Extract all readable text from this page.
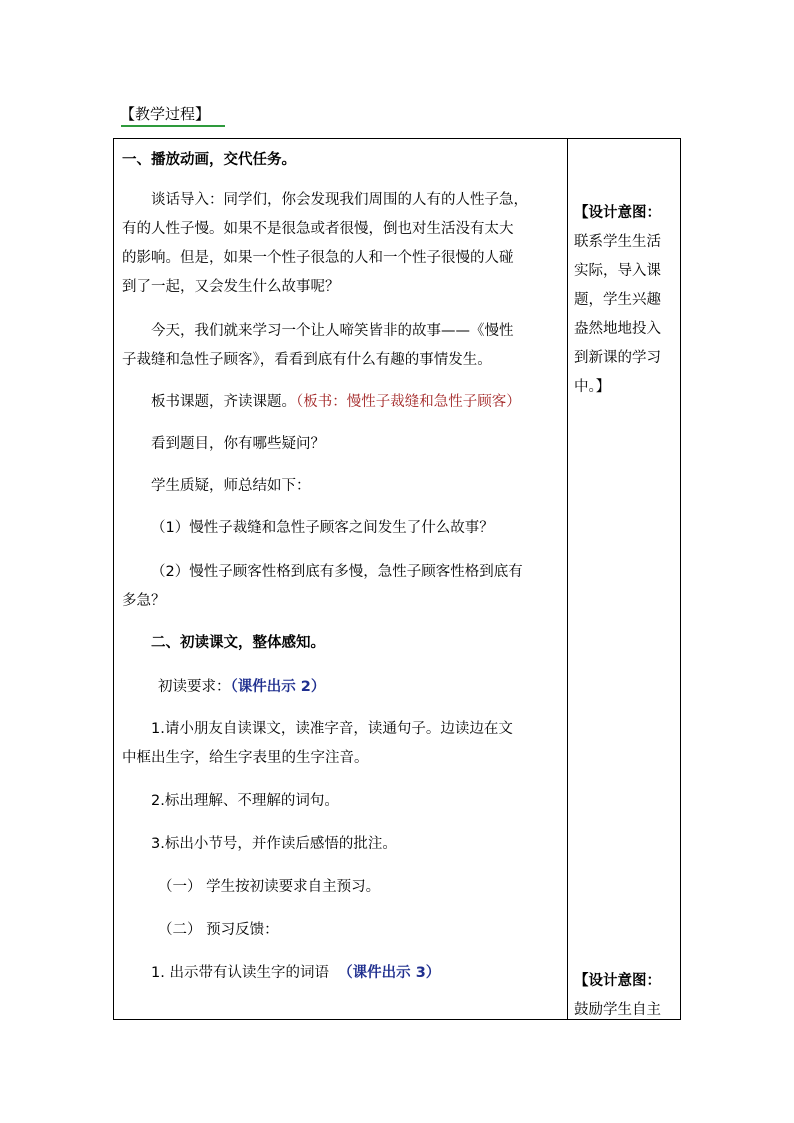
【教学过程】

一、播放动画，交代任务。

谈话导入：同学们，你会发现我们周围的人有的人性子急，

有的人性子慢。如果不是很急或者很慢，倒也对生活没有太大

的影响。但是，如果一个性子很急的人和一个性子很慢的人碰

到了一起，又会发生什么故事呢？

今天，我们就来学习一个让人啼笑皆非的故事——《慢性

子裁缝和急性子顾客》，看看到底有什么有趣的事情发生。

板书课题，齐读课题。（板书：慢性子裁缝和急性子顾客）

看到题目，你有哪些疑问？

学生质疑，师总结如下：

（1）慢性子裁缝和急性子顾客之间发生了什么故事？

（2）慢性子顾客性格到底有多慢，急性子顾客性格到底有

多急？

二、初读课文，整体感知。

初读要求：（课件出示 2）

1.请小朋友自读课文，读准字音，读通句子。边读边在文

中框出生字，给生字表里的生字注音。

2.标出理解、不理解的词句。

3.标出小节号，并作读后感悟的批注。

（一） 学生按初读要求自主预习。

（二） 预习反馈：

1. 出示带有认读生字的词语 （课件出示 3）

【设计意图：

联系学生生活

实际，导入课

题，学生兴趣

盎然地地投入

到新课的学习

中。】

【设计意图：

鼓励学生自主
